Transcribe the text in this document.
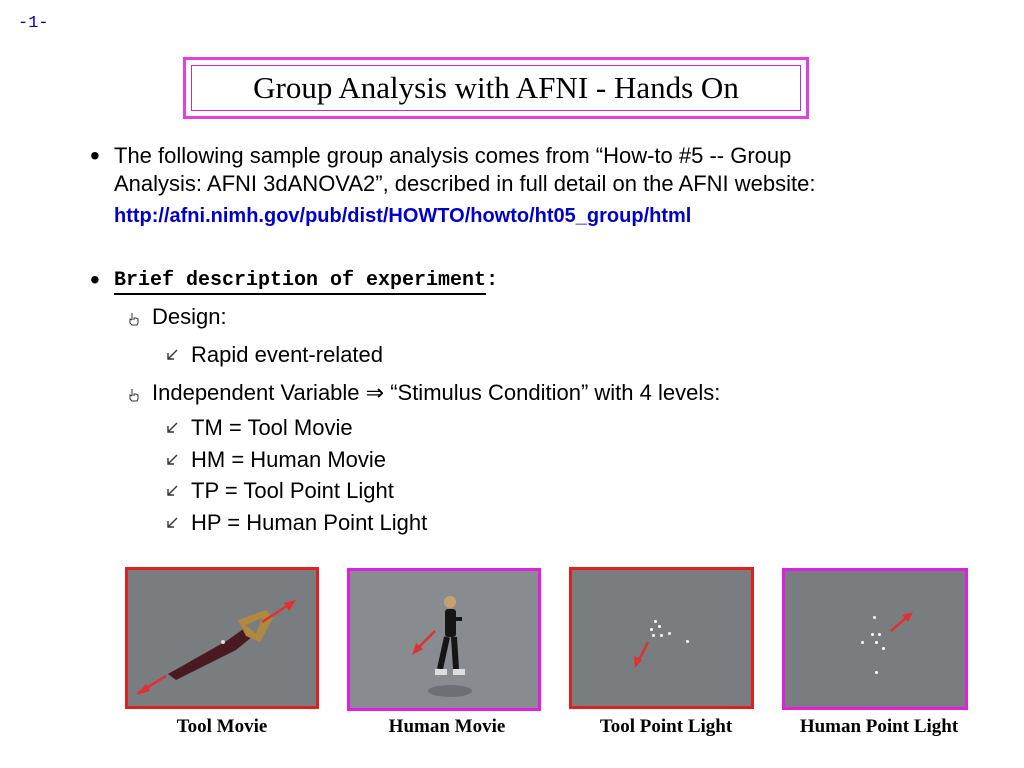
-1-
Group Analysis with AFNI - Hands On
• The following sample group analysis comes from “How-to #5 -- Group
Analysis: AFNI 3dANOVA2”, described in full detail on the AFNI website:
http://afni.nimh.gov/pub/dist/HOWTO/howto/ht05_group/html
• Brief description of experiment:
Design:
Rapid event-related
Independent Variable ⇒ “Stimulus Condition” with 4 levels:
TM = Tool Movie
HM = Human Movie
TP = Tool Point Light
HP = Human Point Light
Tool Movie	Human Movie	Tool Point Light	Human Point Light
